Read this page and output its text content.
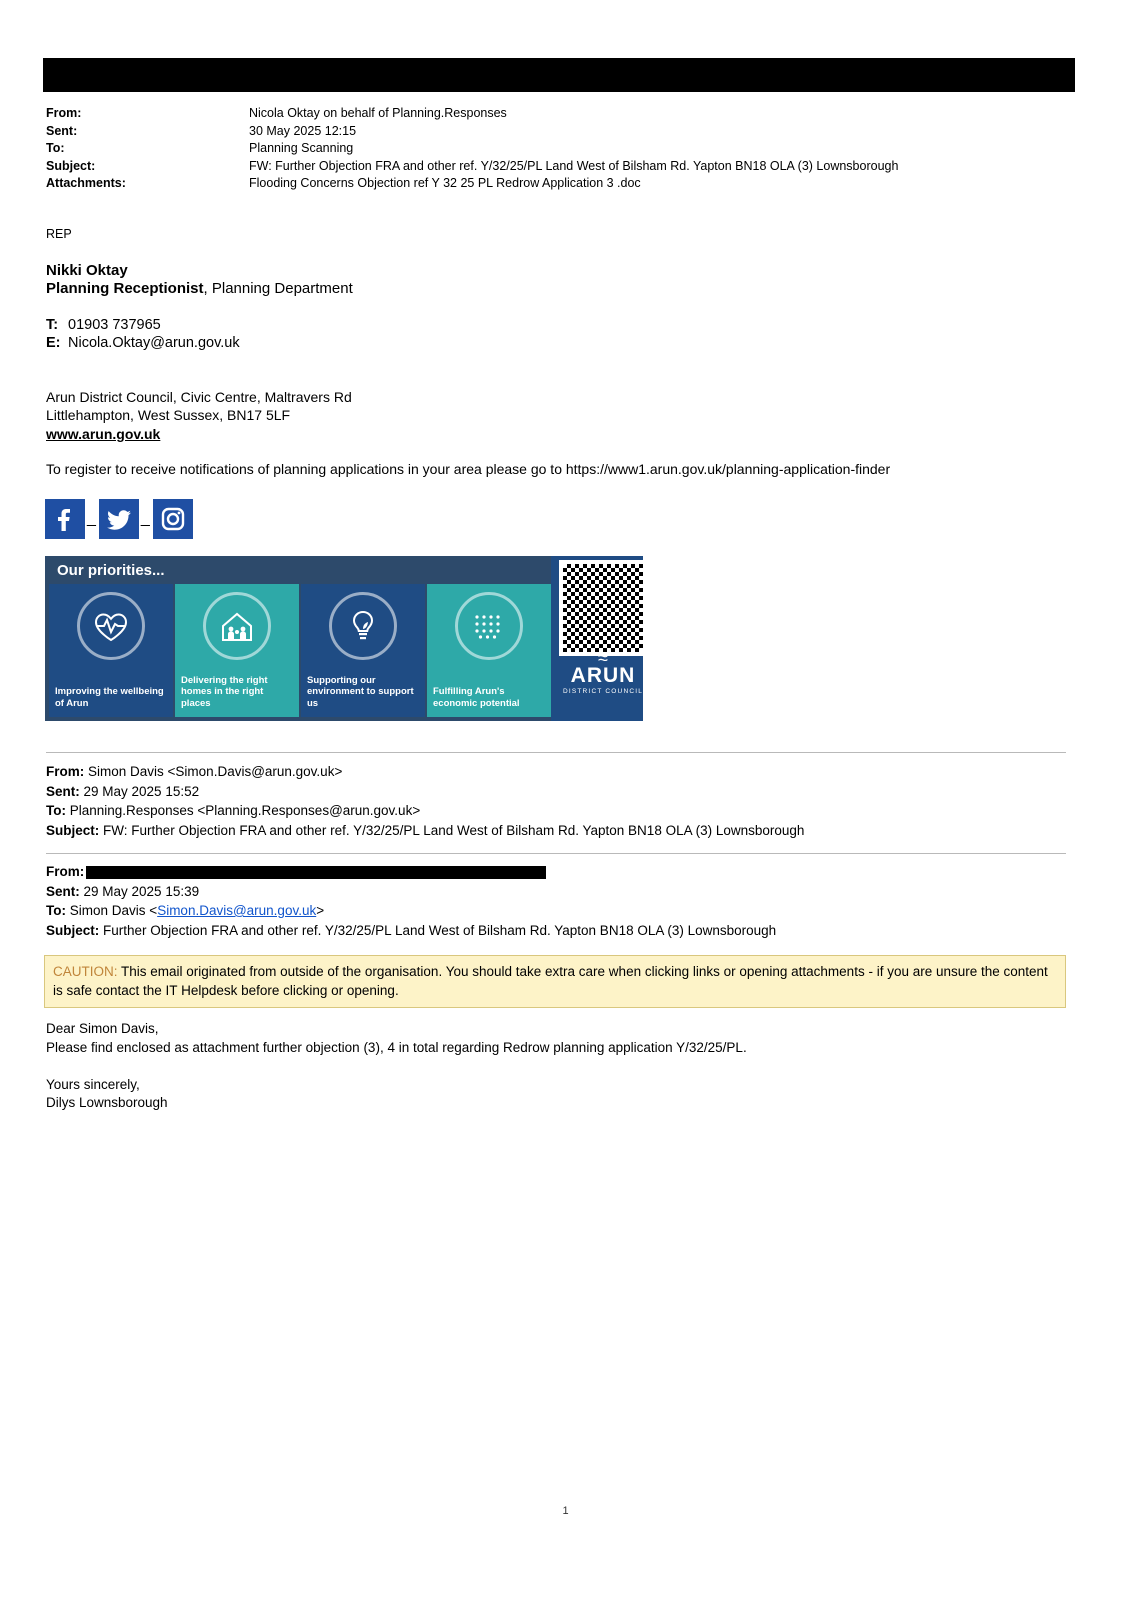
From:	Nicola Oktay on behalf of Planning.Responses
Sent:	30 May 2025 12:15
To:	Planning Scanning
Subject:	FW: Further Objection FRA and other ref. Y/32/25/PL Land West of Bilsham Rd. Yapton BN18 OLA (3) Lownsborough
Attachments:	Flooding Concerns Objection ref Y 32 25 PL Redrow Application 3 .doc
REP
Nikki Oktay
Planning Receptionist, Planning Department
T: 01903 737965
E: Nicola.Oktay@arun.gov.uk
Arun District Council, Civic Centre, Maltravers Rd
Littlehampton, West Sussex, BN17 5LF
www.arun.gov.uk
To register to receive notifications of planning applications in your area please go to https://www1.arun.gov.uk/planning-application-finder
_	_
Our priorities...
Improving the wellbeing of Arun
Delivering the right homes in the right places
Supporting our environment to support us
Fulfilling Arun's economic potential
≈
ARUN
DISTRICT COUNCIL
From: Simon Davis <Simon.Davis@arun.gov.uk>
Sent: 29 May 2025 15:52
To: Planning.Responses <Planning.Responses@arun.gov.uk>
Subject: FW: Further Objection FRA and other ref. Y/32/25/PL Land West of Bilsham Rd. Yapton BN18 OLA (3) Lownsborough
From:
Sent: 29 May 2025 15:39
To: Simon Davis <Simon.Davis@arun.gov.uk>
Subject: Further Objection FRA and other ref. Y/32/25/PL Land West of Bilsham Rd. Yapton BN18 OLA (3) Lownsborough
CAUTION: This email originated from outside of the organisation. You should take extra care when clicking links or opening attachments - if you are unsure the content is safe contact the IT Helpdesk before clicking or opening.
Dear Simon Davis,
Please find enclosed as attachment further objection (3), 4 in total regarding Redrow planning application Y/32/25/PL.
Yours sincerely,
Dilys Lownsborough
1
